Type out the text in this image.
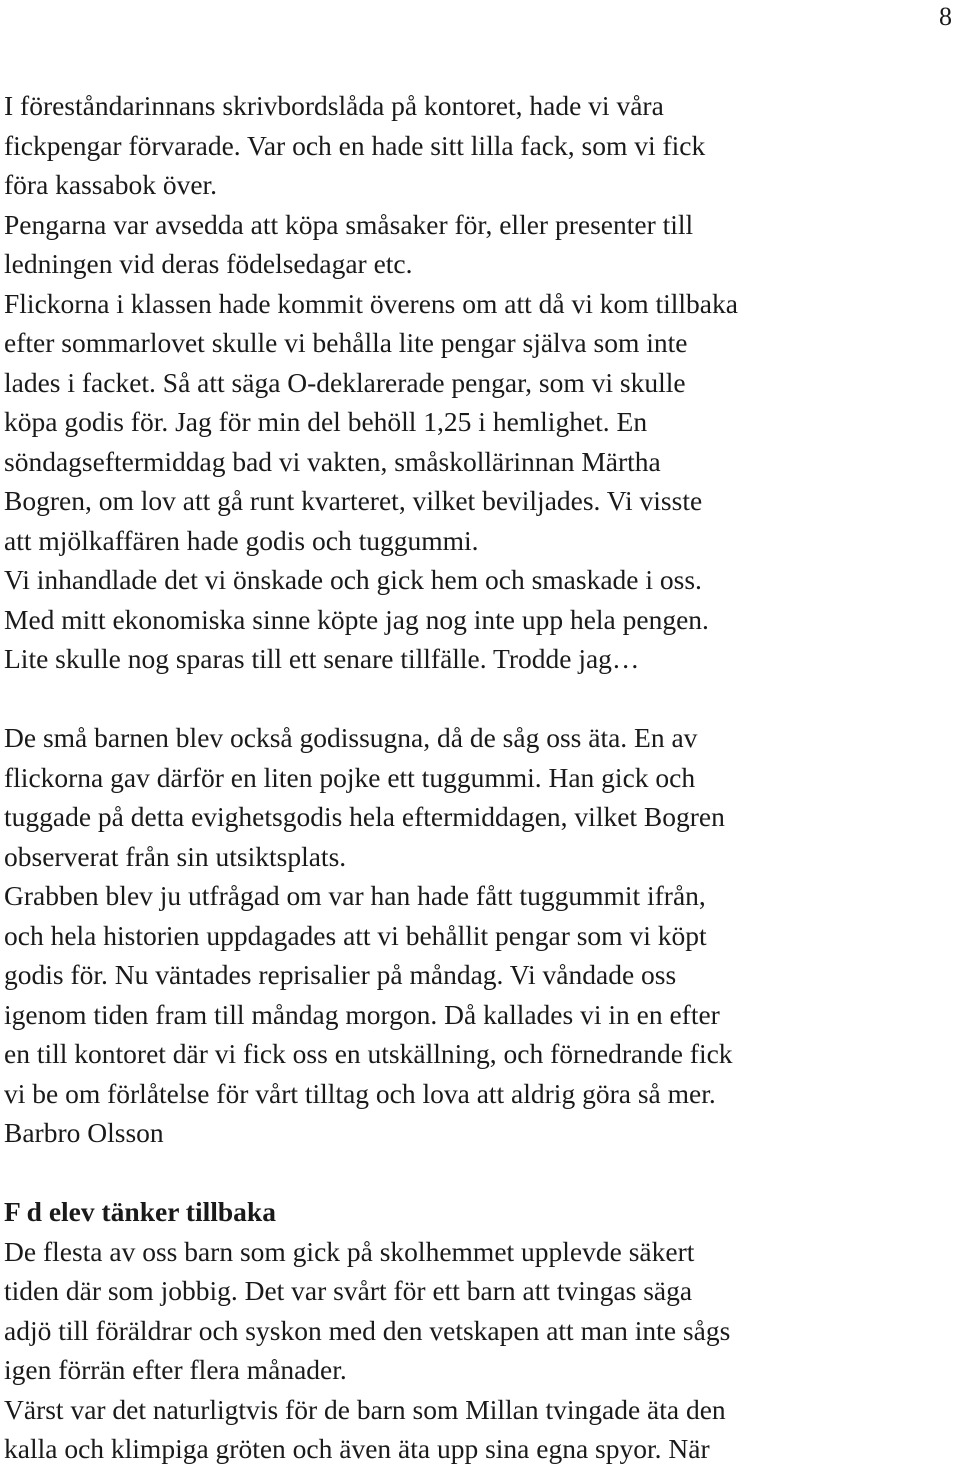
8
I föreståndarinnans skrivbordslåda på kontoret, hade vi våra
fickpengar förvarade. Var och en hade sitt lilla fack, som vi fick
föra kassabok över.
Pengarna var avsedda att köpa småsaker för, eller presenter till
ledningen vid deras födelsedagar etc.
Flickorna i klassen hade kommit överens om att då vi kom tillbaka
efter sommarlovet skulle vi behålla lite pengar själva som inte
lades i facket. Så att säga O-deklarerade pengar, som vi skulle
köpa godis för. Jag för min del behöll 1,25 i hemlighet. En
söndagseftermiddag bad vi vakten, småskollärinnan Märtha
Bogren, om lov att gå runt kvarteret, vilket beviljades. Vi visste
att mjölkaffären hade godis och tuggummi.
Vi inhandlade det vi önskade och gick hem och smaskade i oss.
Med mitt ekonomiska sinne köpte jag nog inte upp hela pengen.
Lite skulle nog sparas till ett senare tillfälle. Trodde jag…
De små barnen blev också godissugna, då de såg oss äta. En av
flickorna gav därför en liten pojke ett tuggummi. Han gick och
tuggade på detta evighetsgodis hela eftermiddagen, vilket Bogren
observerat från sin utsiktsplats.
Grabben blev ju utfrågad om var han hade fått tuggummit ifrån,
och hela historien uppdagades att vi behållit pengar som vi köpt
godis för. Nu väntades reprisalier på måndag. Vi våndade oss
igenom tiden fram till måndag morgon. Då kallades vi in en efter
en till kontoret där vi fick oss en utskällning, och förnedrande fick
vi be om förlåtelse för vårt tilltag och lova att aldrig göra så mer.
Barbro Olsson
F d elev tänker tillbaka
De flesta av oss barn som gick på skolhemmet upplevde säkert
tiden där som jobbig. Det var svårt för ett barn att tvingas säga
adjö till föräldrar och syskon med den vetskapen att man inte sågs
igen förrän efter flera månader.
Värst var det naturligtvis för de barn som Millan tvingade äta den
kalla och klimpiga gröten och även äta upp sina egna spyor. När
